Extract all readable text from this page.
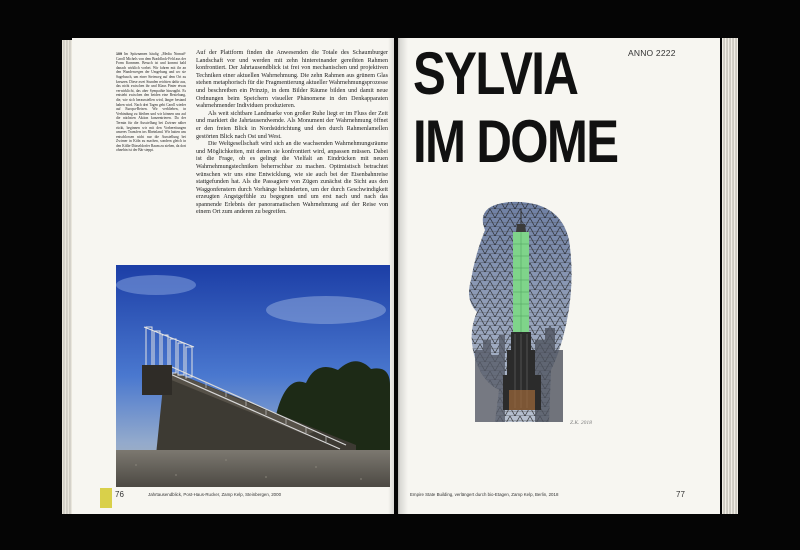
109 Im Spitznamen häufig „Media Nomad“ Caroll Michels von dem Braddlock-Feld aus der Form Kommen. Besuch ist und kommt bald danach wirklich vorbei. Wir fahren mit ihr an den Wanderwegen der Umgebung und wo sie Sagebusch, um einer Steinweg auf dem Ort zu kreuzen. Diese zwei Stunden reichten dafür aus, das nicht zwischen ihr und Klaus Pinter etwas verwirklicht, das aber Sympathie hinzugibt. Es entsteht zwischen den beiden eine Beziehung, die, wie sich herausstellen wird, länger bestand haben wird. Nach drei Tagen geht Caroll wieder auf Europa-Reisen. Wir verblieben, in Verbindung zu bleiben und wir können uns auf die nächsten Aktion konzentrieren. Da der Termin für die Ausstellung bei Zwirner näher rückt, beginnen wir mit den Vorbereitungen unseres Transfers ins Rheinland. Wir hatten uns entschlossen nicht nur die Ausstellung bei Zwirner in Köln zu machen, sondern gleich in den Kölln-Düsseldorfer Raum zu ziehen, da dort ohnehin ist der Bär steppt.

Auf der Plattform finden die Anwesenden die Totale des Schaumburger Landschaft vor und werden mit zehn hintereinander gereihten Rahmen konfrontiert. Der Jahrtausendblick ist frei von mechanischen und projektiven Techniken einer aktuellen Wahrnehmung. Die zehn Rahmen aus grünem Glas stehen metaphorisch für die Fragmentierung aktueller Wahrnehmungsprozesse und beschreiben ein Prinzip, in dem Bilder Räume bilden und damit neue Ordnungen beim Speichern visueller Phänomene in den Denkapparaten wahrnehmender Individuen produzieren.

Als weit sichtbare Landmarke von großer Ruhe liegt er im Fluss der Zeit und markiert die Jahrtausendwende. Als Monument der Wahrnehmung öffnet er den freien Blick in Nordsüdrichtung und den durch Rahmenlamellen gestörten Blick nach Ost und West.

Die Weltgesellschaft wird sich an die wachsenden Wahrnehmungsräume und Möglichkeiten, mit denen sie konfrontiert wird, anpassen müssen. Dabei ist die Frage, ob es gelingt die Vielfalt an Eindrücken mit neuen Wahrnehmungstechniken beherrschbar zu machen. Optimistisch betrachtet wünschen wir uns eine Entwicklung, wie sie auch bei der Eisenbahnreise stattgefunden hat. Als die Passagiere von Zügen zunächst die Sicht aus den Waggonfenstern durch Vorhänge behinderten, um der durch Geschwindigkeit erzeugten Angstgefühle zu begegnen und um erst nach und nach das spannende Erlebnis der panoramatischen Wahrnehmung auf der Reise von einem Ort zum anderen zu begreifen.

76	Jahrtausendblick, Post-Haus-Rucker, Zamp Kelp, Steinbergen, 2000
ANNO 2222
SYLVIA
IM DOME
Z.K. 2018
Empire State Building, verlängert durch bio-Etagen, Zamp Kelp, Berlin, 2018	77
